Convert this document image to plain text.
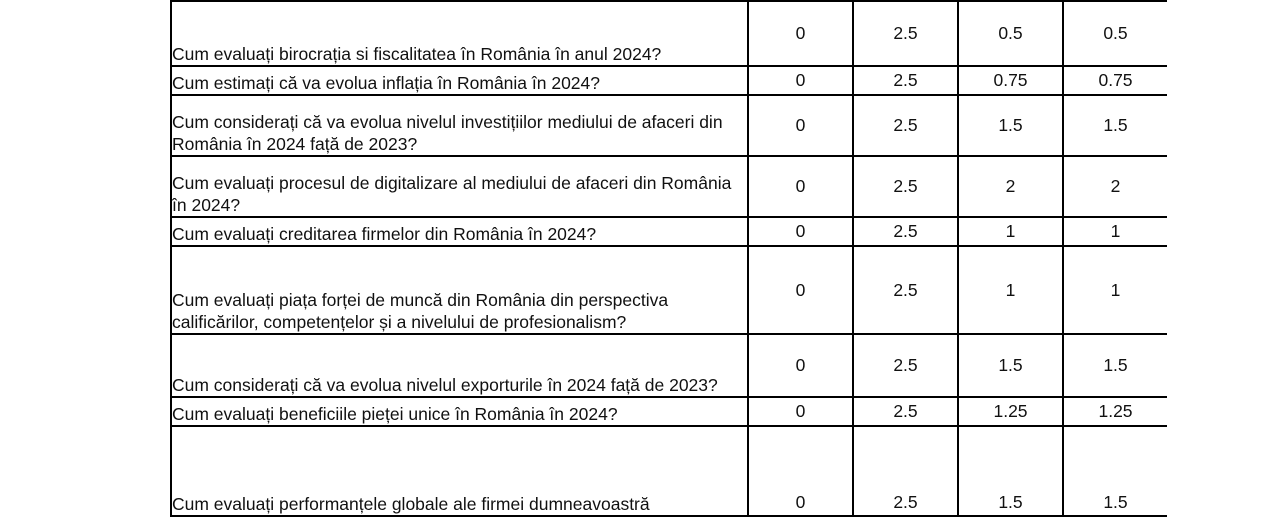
Cum evaluați birocrația si fiscalitatea în România în anul 2024?	0	2.5	0.5	0.5
Cum estimați că va evolua inflația în România în 2024?	0	2.5	0.75	0.75
Cum considerați că va evolua nivelul investițiilor mediului de afaceri din România în 2024 față de 2023?	0	2.5	1.5	1.5
Cum evaluați procesul de digitalizare al mediului de afaceri din România în 2024?	0	2.5	2	2
Cum evaluați creditarea firmelor din România în 2024?	0	2.5	1	1
Cum evaluați piața forței de muncă din România din perspectiva calificărilor, competențelor și a nivelului de profesionalism?	0	2.5	1	1
Cum considerați că va evolua nivelul exporturile în 2024 față de 2023?	0	2.5	1.5	1.5
Cum evaluați beneficiile pieței unice în România în 2024?	0	2.5	1.25	1.25
Cum evaluați performanțele globale ale firmei dumneavoastră	0	2.5	1.5	1.5
